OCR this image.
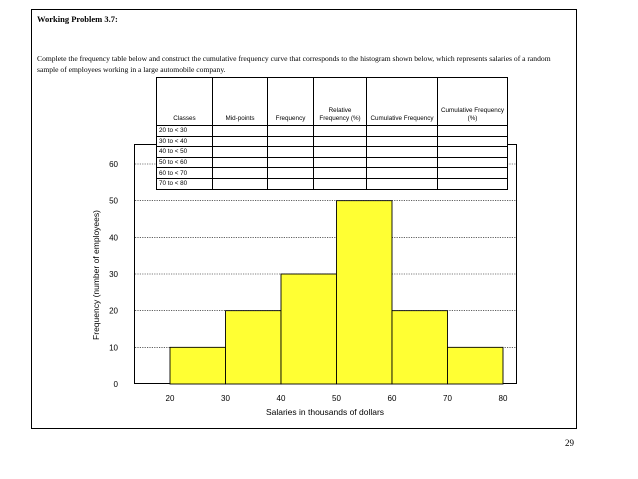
Working Problem 3.7:
Complete the frequency table below and construct the cumulative frequency curve that corresponds to the histogram shown below, which represents salaries of a random sample of employees working in a large automobile company.
0
10
20
30
40
50
60
20	30	40	50	60	70	80
Salaries in thousands of dollars
Frequency (number of employees)
Classes	Mid-points	Frequency	Relative Frequency (%)	Cumulative Frequency	Cumulative Frequency (%)
20 to < 30					
30 to < 40					
40 to < 50					
50 to < 60					
60 to < 70					
70 to < 80					
29
